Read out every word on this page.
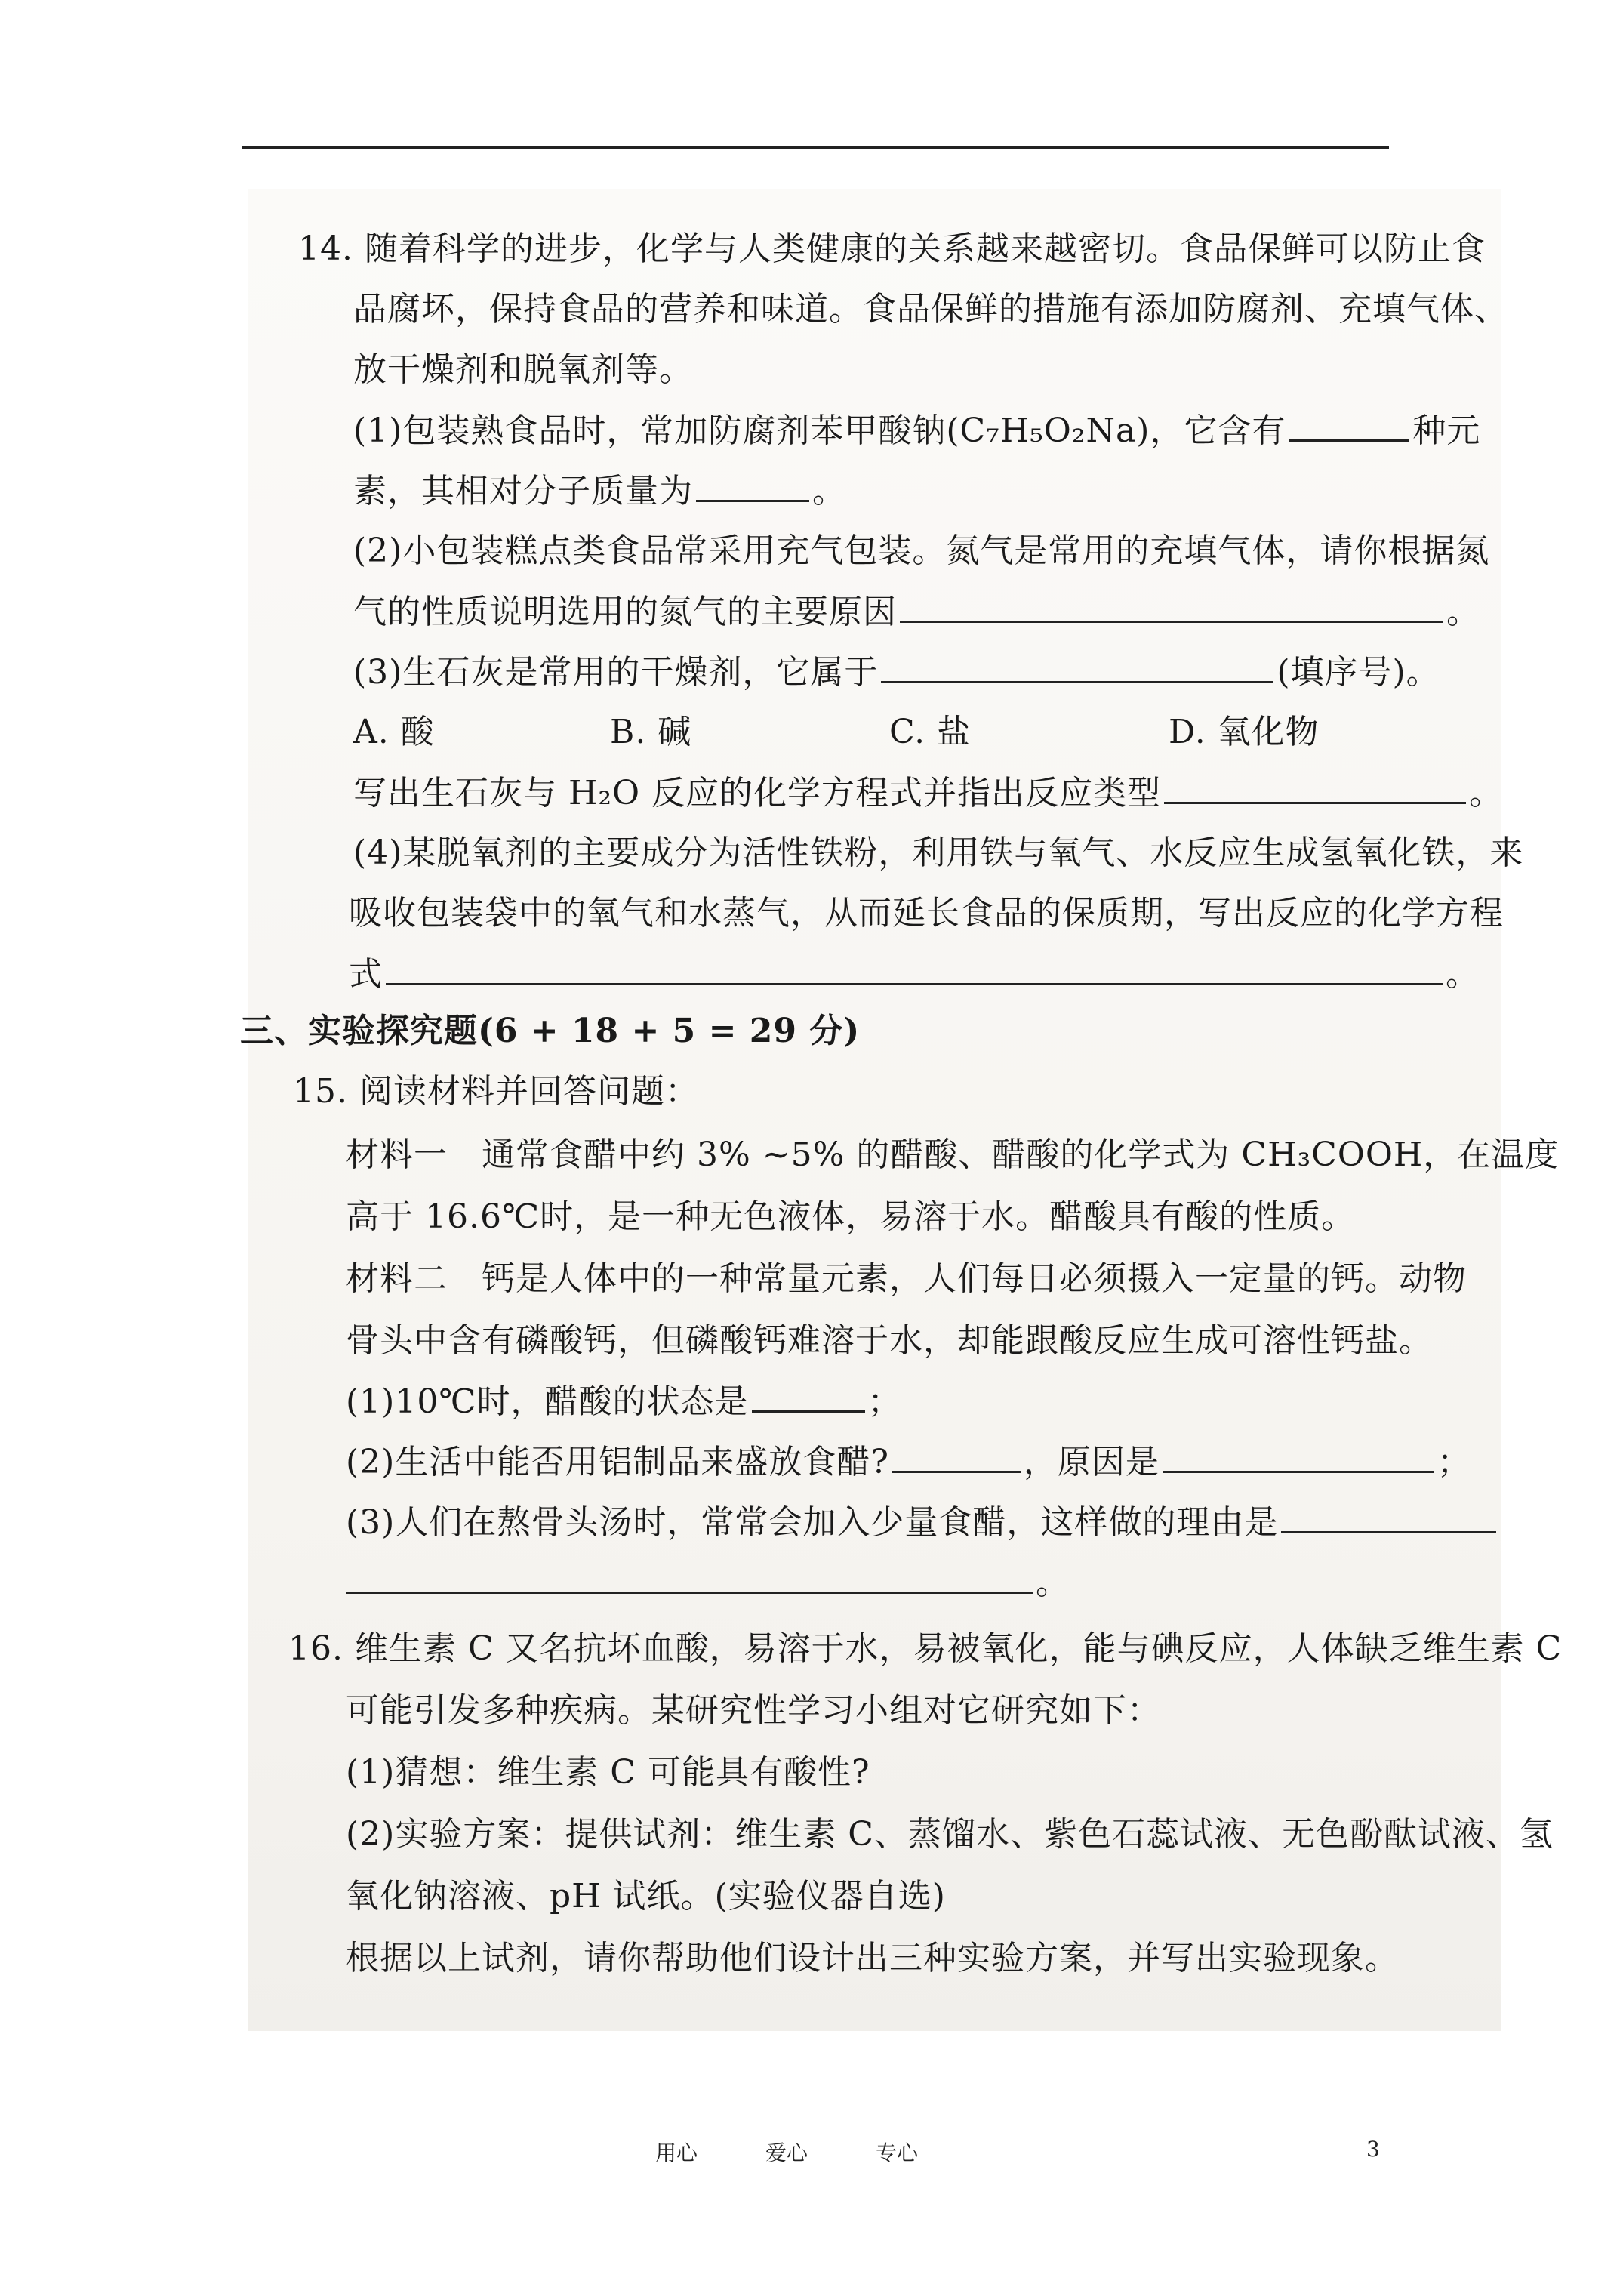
14. 随着科学的进步，化学与人类健康的关系越来越密切。食品保鲜可以防止食
品腐坏，保持食品的营养和味道。食品保鲜的措施有添加防腐剂、充填气体、
放干燥剂和脱氧剂等。
(1)包装熟食品时，常加防腐剂苯甲酸钠(C₇H₅O₂Na)，它含有	种元
素，其相对分子质量为	。
(2)小包装糕点类食品常采用充气包装。氮气是常用的充填气体，请你根据氮
气的性质说明选用的氮气的主要原因	。
(3)生石灰是常用的干燥剂，它属于	(填序号)。
A. 酸	B. 碱	C. 盐	D. 氧化物
写出生石灰与 H₂O 反应的化学方程式并指出反应类型	。
(4)某脱氧剂的主要成分为活性铁粉，利用铁与氧气、水反应生成氢氧化铁，来
吸收包装袋中的氧气和水蒸气，从而延长食品的保质期，写出反应的化学方程
式	。
三、实验探究题(6 + 18 + 5 = 29 分)
15. 阅读材料并回答问题：
材料一　通常食醋中约 3% ~5% 的醋酸、醋酸的化学式为 CH₃COOH，在温度
高于 16.6℃时，是一种无色液体，易溶于水。醋酸具有酸的性质。
材料二　钙是人体中的一种常量元素，人们每日必须摄入一定量的钙。动物
骨头中含有磷酸钙，但磷酸钙难溶于水，却能跟酸反应生成可溶性钙盐。
(1)10℃时，醋酸的状态是	；
(2)生活中能否用铝制品来盛放食醋?	，原因是	；
(3)人们在熬骨头汤时，常常会加入少量食醋，这样做的理由是
。
16. 维生素 C 又名抗坏血酸，易溶于水，易被氧化，能与碘反应，人体缺乏维生素 C
可能引发多种疾病。某研究性学习小组对它研究如下：
(1)猜想：维生素 C 可能具有酸性?
(2)实验方案：提供试剂：维生素 C、蒸馏水、紫色石蕊试液、无色酚酞试液、氢
氧化钠溶液、pH 试纸。(实验仪器自选)
根据以上试剂，请你帮助他们设计出三种实验方案，并写出实验现象。
用心	爱心	专心	3
